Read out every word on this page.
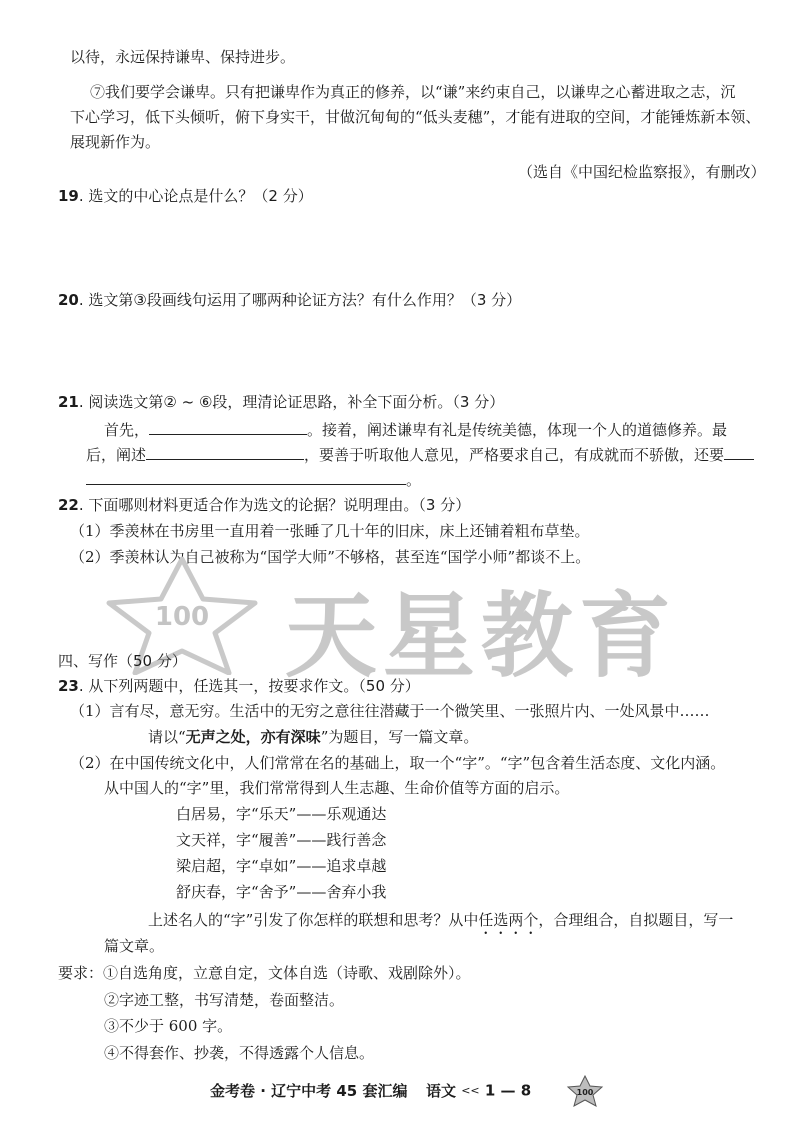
以待，永远保持谦卑、保持进步。
⑦我们要学会谦卑。只有把谦卑作为真正的修养，以“谦”来约束自己，以谦卑之心蓄进取之志，沉
下心学习，低下头倾听，俯下身实干，甘做沉甸甸的“低头麦穗”，才能有进取的空间，才能锤炼新本领、
展现新作为。
（选自《中国纪检监察报》，有删改）
19. 选文的中心论点是什么？（2 分）
20. 选文第③段画线句运用了哪两种论证方法？有什么作用？（3 分）
21. 阅读选文第② ~ ⑥段，理清论证思路，补全下面分析。（3 分）
首先，	。接着，阐述谦卑有礼是传统美德，体现一个人的道德修养。最
后，阐述	，要善于听取他人意见，严格要求自己，有成就而不骄傲，还要
。
22. 下面哪则材料更适合作为选文的论据？说明理由。（3 分）
（1）季羡林在书房里一直用着一张睡了几十年的旧床，床上还铺着粗布草垫。
（2）季羡林认为自己被称为“国学大师”不够格，甚至连“国学小师”都谈不上。
100 天星教育
四、写作（50 分）
23. 从下列两题中，任选其一，按要求作文。（50 分）
（1）言有尽，意无穷。生活中的无穷之意往往潜藏于一个微笑里、一张照片内、一处风景中……
请以“无声之处，亦有深味”为题目，写一篇文章。
（2）在中国传统文化中，人们常常在名的基础上，取一个“字”。“字”包含着生活态度、文化内涵。
从中国人的“字”里，我们常常得到人生志趣、生命价值等方面的启示。
白居易，字“乐天”——乐观通达
文天祥，字“履善”——践行善念
梁启超，字“卓如”——追求卓越
舒庆春，字“舍予”——舍弃小我
上述名人的“字”引发了你怎样的联想和思考？从中任选两个，合理组合，自拟题目，写一
篇文章。
要求：①自选角度，立意自定，文体自选（诗歌、戏剧除外）。
②字迹工整，书写清楚，卷面整洁。
③不少于 600 字。
④不得套作、抄袭，不得透露个人信息。
金考卷 · 辽宁中考 45 套汇编 语文 << 1 — 8	100
